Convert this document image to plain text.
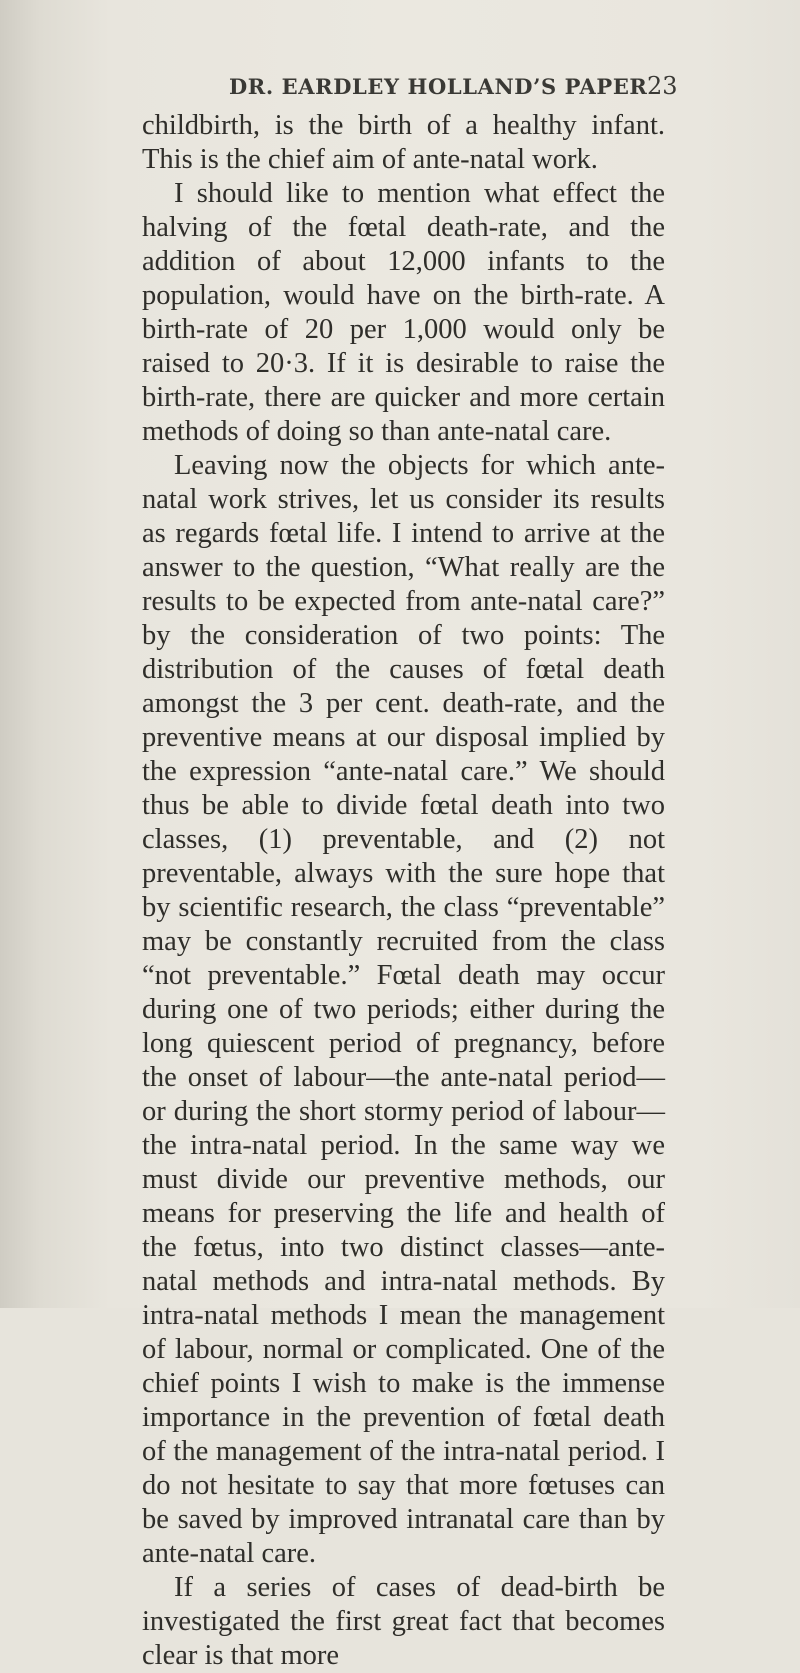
DR. EARDLEY HOLLAND’S PAPER 23

childbirth, is the birth of a healthy infant. This is the chief aim of ante-natal work.

I should like to mention what effect the halving of the fœtal death-rate, and the addition of about 12,000 infants to the population, would have on the birth-rate. A birth-rate of 20 per 1,000 would only be raised to 20·3. If it is desirable to raise the birth-rate, there are quicker and more certain methods of doing so than ante-natal care.

Leaving now the objects for which ante-natal work strives, let us consider its results as regards fœtal life. I intend to arrive at the answer to the question, “What really are the results to be expected from ante-natal care?” by the consideration of two points: The distribution of the causes of fœtal death amongst the 3 per cent. death-rate, and the preventive means at our disposal implied by the expression “ante-natal care.” We should thus be able to divide fœtal death into two classes, (1) preventable, and (2) not preventable, always with the sure hope that by scientific research, the class “preventable” may be constantly recruited from the class “not preventable.” Fœtal death may occur during one of two periods; either during the long quiescent period of pregnancy, before the onset of labour—the ante-natal period—or during the short stormy period of labour—the intra-natal period. In the same way we must divide our preventive methods, our means for preserving the life and health of the fœtus, into two distinct classes—ante-natal methods and intra-natal methods. By intra-natal methods I mean the management of labour, normal or complicated. One of the chief points I wish to make is the immense importance in the prevention of fœtal death of the management of the intra-natal period. I do not hesitate to say that more fœtuses can be saved by improved intranatal care than by ante-natal care.

If a series of cases of dead-birth be investigated the first great fact that becomes clear is that more
